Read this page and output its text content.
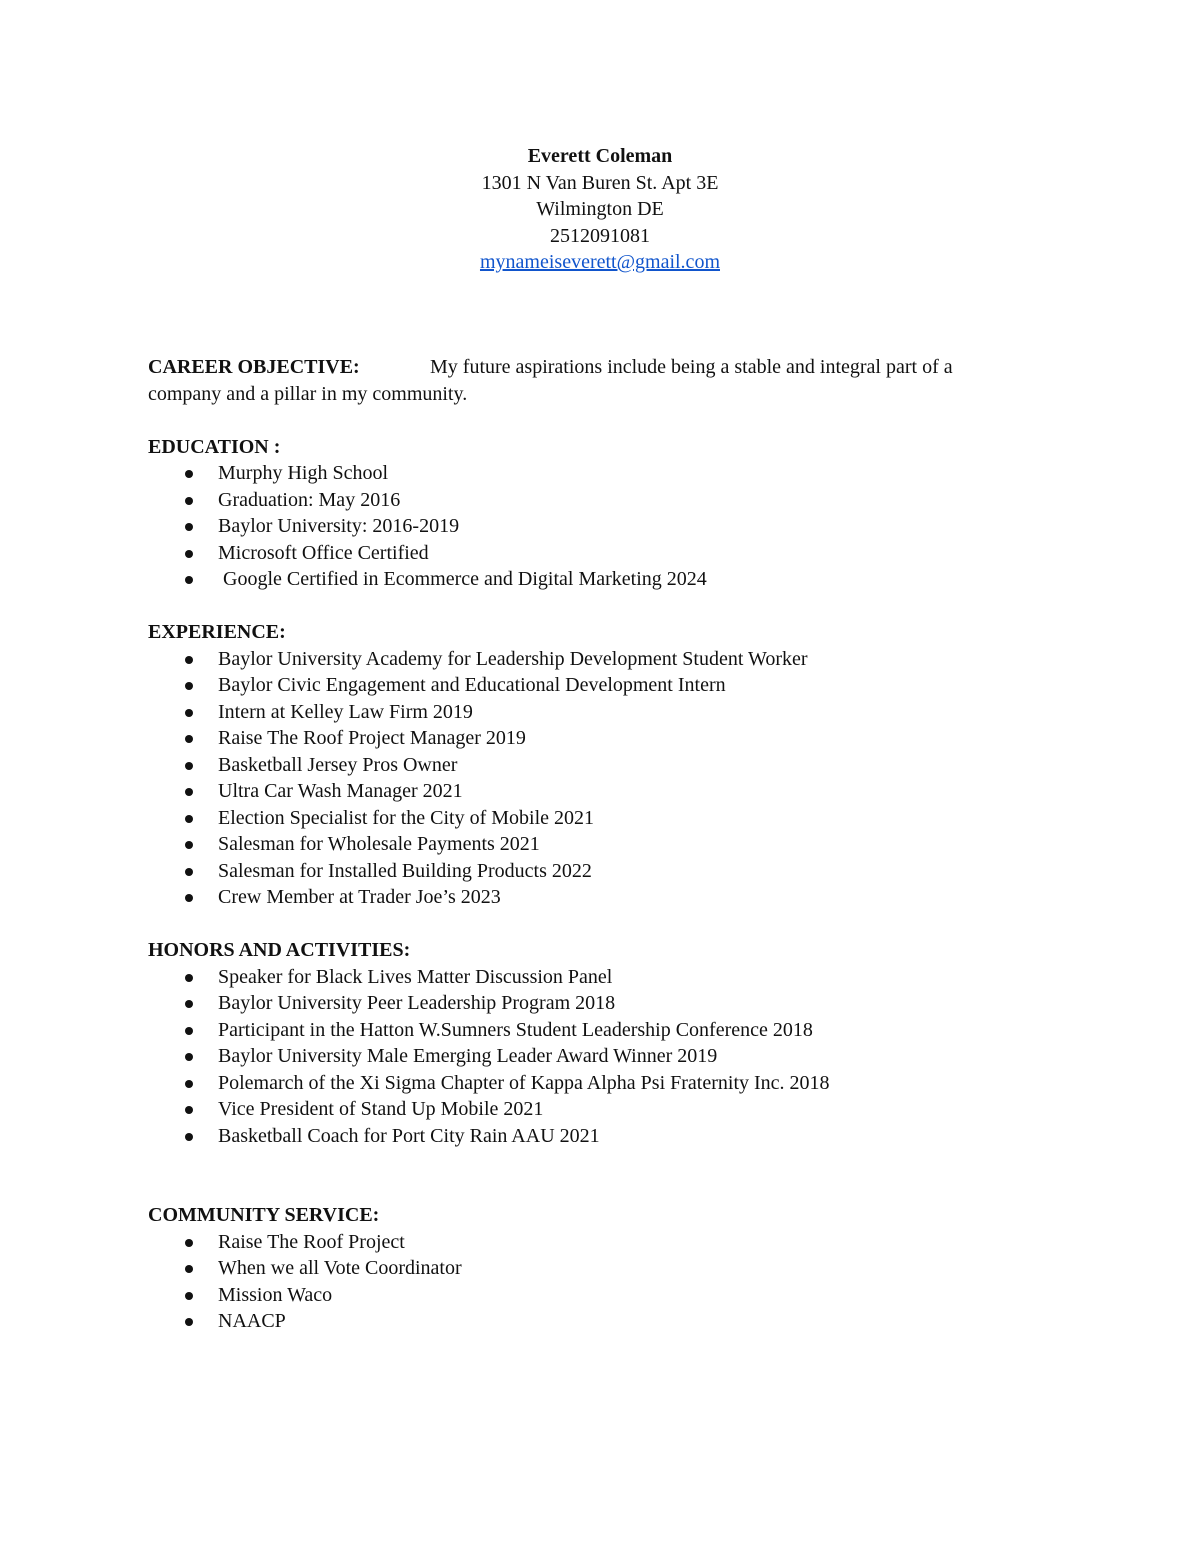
Everett Coleman
1301 N Van Buren St. Apt 3E
Wilmington DE
2512091081
mynameiseverett@gmail.com
CAREER OBJECTIVE:	My future aspirations include being a stable and integral part of a company and a pillar in my community.
EDUCATION :
Murphy High School
Graduation: May 2016
Baylor University: 2016-2019
Microsoft Office Certified
Google Certified in Ecommerce and Digital Marketing 2024
EXPERIENCE:
Baylor University Academy for Leadership Development Student Worker
Baylor Civic Engagement and Educational Development Intern
Intern at Kelley Law Firm 2019
Raise The Roof Project Manager 2019
Basketball Jersey Pros Owner
Ultra Car Wash Manager 2021
Election Specialist for the City of Mobile 2021
Salesman for Wholesale Payments 2021
Salesman for Installed Building Products 2022
Crew Member at Trader Joe’s 2023
HONORS AND ACTIVITIES:
Speaker for Black Lives Matter Discussion Panel
Baylor University Peer Leadership Program 2018
Participant in the Hatton W.Sumners Student Leadership Conference 2018
Baylor University Male Emerging Leader Award Winner 2019
Polemarch of the Xi Sigma Chapter of Kappa Alpha Psi Fraternity Inc. 2018
Vice President of Stand Up Mobile 2021
Basketball Coach for Port City Rain AAU 2021
COMMUNITY SERVICE:
Raise The Roof Project
When we all Vote Coordinator
Mission Waco
NAACP
